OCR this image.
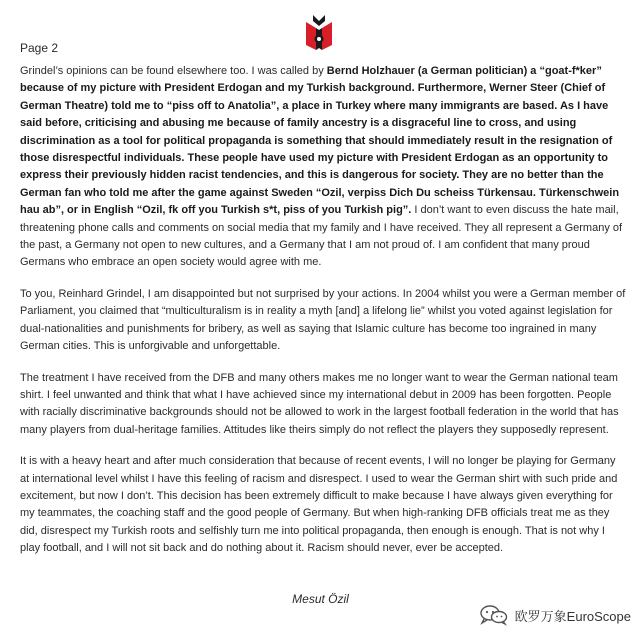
Page 2

Grindel’s opinions can be found elsewhere too. I was called by Bernd Holzhauer (a German politician) a “goat-f*ker” because of my picture with President Erdogan and my Turkish background. Furthermore, Werner Steer (Chief of German Theatre) told me to “piss off to Anatolia”, a place in Turkey where many immigrants are based. As I have said before, criticising and abusing me because of family ancestry is a disgraceful line to cross, and using discrimination as a tool for political propaganda is something that should immediately result in the resignation of those disrespectful individuals. These people have used my picture with President Erdogan as an opportunity to express their previously hidden racist tendencies, and this is dangerous for society. They are no better than the German fan who told me after the game against Sweden “Ozil, verpiss Dich Du scheiss Türkensau. Türkenschwein hau ab”, or in English “Ozil, fk off you Turkish s*t, piss of you Turkish pig”. I don’t want to even discuss the hate mail, threatening phone calls and comments on social media that my family and I have received. They all represent a Germany of the past, a Germany not open to new cultures, and a Germany that I am not proud of. I am confident that many proud Germans who embrace an open society would agree with me.

To you, Reinhard Grindel, I am disappointed but not surprised by your actions. In 2004 whilst you were a German member of Parliament, you claimed that “multiculturalism is in reality a myth [and] a lifelong lie” whilst you voted against legislation for dual-nationalities and punishments for bribery, as well as saying that Islamic culture has become too ingrained in many German cities. This is unforgivable and unforgettable.

The treatment I have received from the DFB and many others makes me no longer want to wear the German national team shirt. I feel unwanted and think that what I have achieved since my international debut in 2009 has been forgotten. People with racially discriminative backgrounds should not be allowed to work in the largest football federation in the world that has many players from dual-heritage families. Attitudes like theirs simply do not reflect the players they supposedly represent.

It is with a heavy heart and after much consideration that because of recent events, I will no longer be playing for Germany at international level whilst I have this feeling of racism and disrespect. I used to wear the German shirt with such pride and excitement, but now I don’t. This decision has been extremely difficult to make because I have always given everything for my teammates, the coaching staff and the good people of Germany. But when high-ranking DFB officials treat me as they did, disrespect my Turkish roots and selfishly turn me into political propaganda, then enough is enough. That is not why I play football, and I will not sit back and do nothing about it. Racism should never, ever be accepted.

Mesut Özil
欧罗万象EuroScope
